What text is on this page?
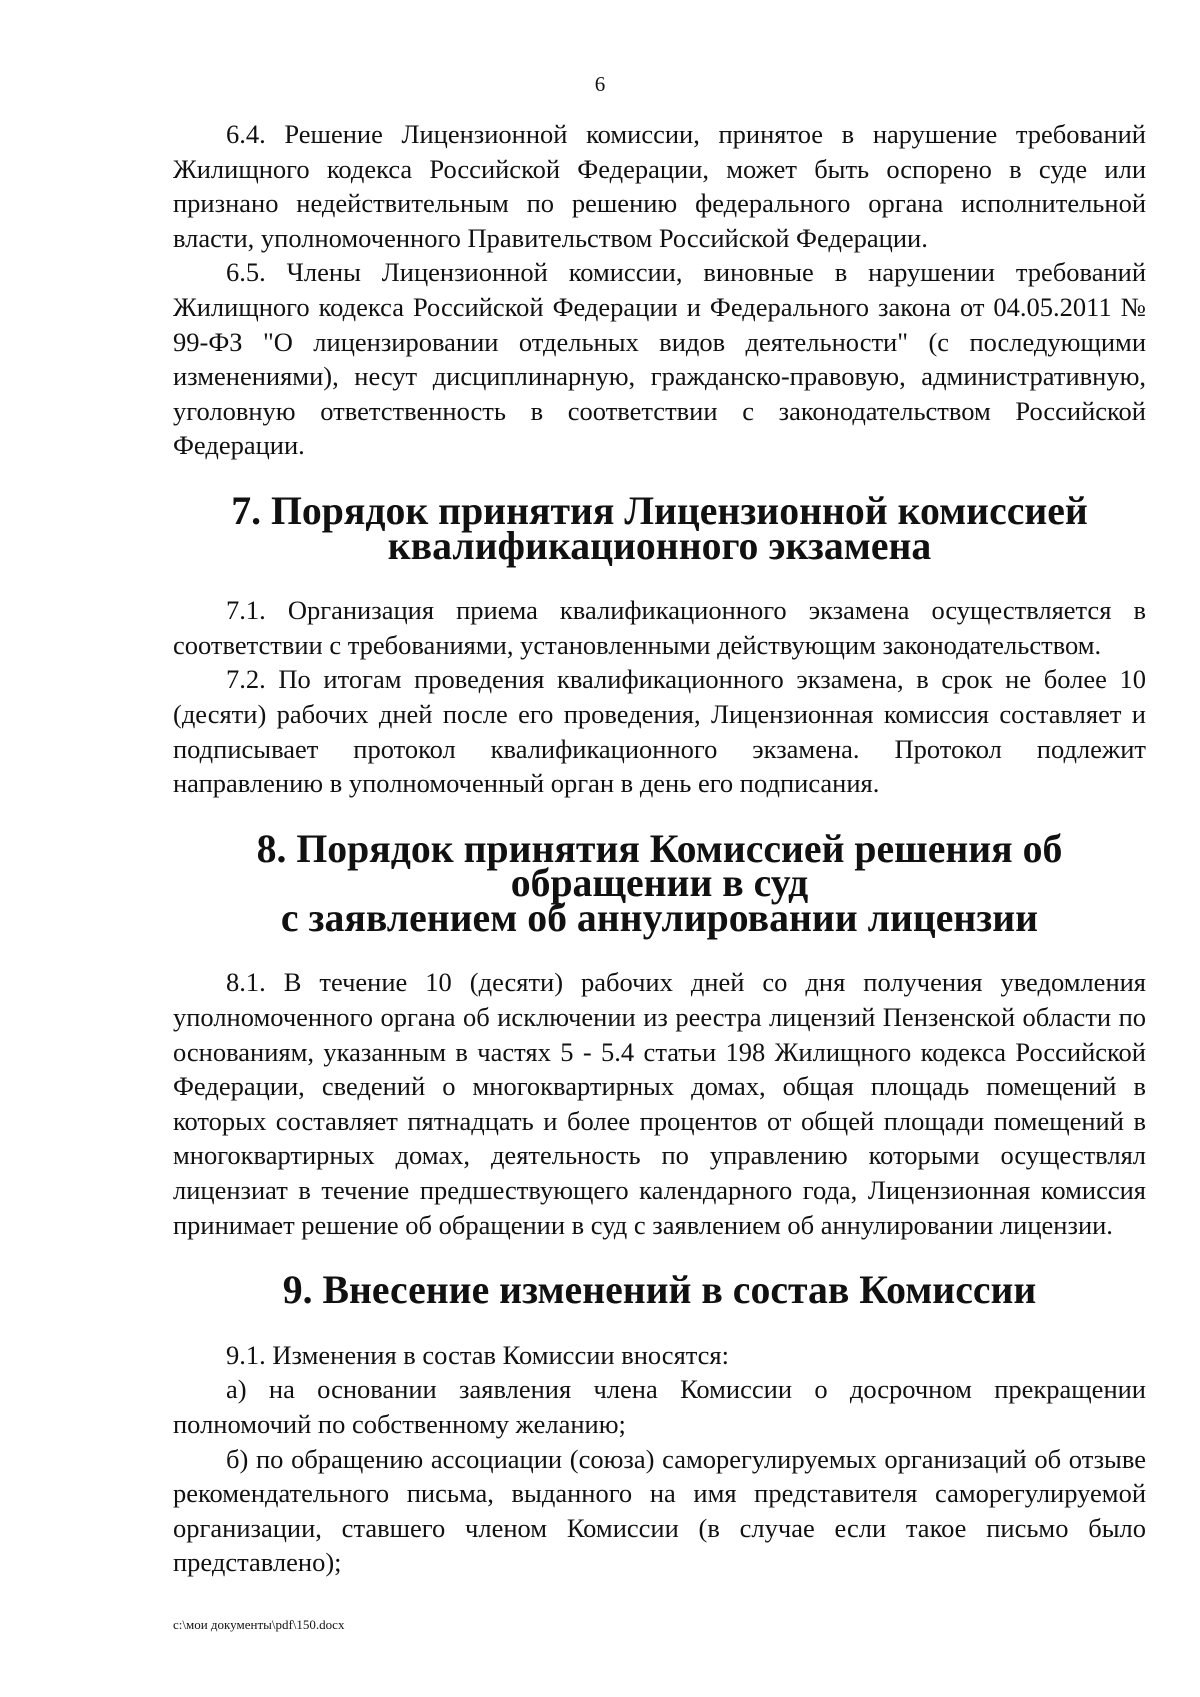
6

6.4. Решение Лицензионной комиссии, принятое в нарушение требований Жилищного кодекса Российской Федерации, может быть оспорено в суде или признано недействительным по решению федерального органа исполнительной власти, уполномоченного Правительством Российской Федерации.

6.5. Члены Лицензионной комиссии, виновные в нарушении требований Жилищного кодекса Российской Федерации и Федерального закона от 04.05.2011 № 99-ФЗ "О лицензировании отдельных видов деятельности" (с последующими изменениями), несут дисциплинарную, гражданско-правовую, административную, уголовную ответственность в соответствии с законодательством Российской Федерации.

7. Порядок принятия Лицензионной комиссией
квалификационного экзамена

7.1. Организация приема квалификационного экзамена осуществляется в соответствии с требованиями, установленными действующим законодательством.

7.2. По итогам проведения квалификационного экзамена, в срок не более 10 (десяти) рабочих дней после его проведения, Лицензионная комиссия составляет и подписывает протокол квалификационного экзамена. Протокол подлежит направлению в уполномоченный орган в день его подписания.

8. Порядок принятия Комиссией решения об обращении в суд
с заявлением об аннулировании лицензии

8.1. В течение 10 (десяти) рабочих дней со дня получения уведомления уполномоченного органа об исключении из реестра лицензий Пензенской области по основаниям, указанным в частях 5 - 5.4 статьи 198 Жилищного кодекса Российской Федерации, сведений о многоквартирных домах, общая площадь помещений в которых составляет пятнадцать и более процентов от общей площади помещений в многоквартирных домах, деятельность по управлению которыми осуществлял лицензиат в течение предшествующего календарного года, Лицензионная комиссия принимает решение об обращении в суд с заявлением об аннулировании лицензии.

9. Внесение изменений в состав Комиссии

9.1. Изменения в состав Комиссии вносятся:

а) на основании заявления члена Комиссии о досрочном прекращении полномочий по собственному желанию;

б) по обращению ассоциации (союза) саморегулируемых организаций об отзыве рекомендательного письма, выданного на имя представителя саморегулируемой организации, ставшего членом Комиссии (в случае если такое письмо было представлено);

c:\мои документы\pdf\150.docx
